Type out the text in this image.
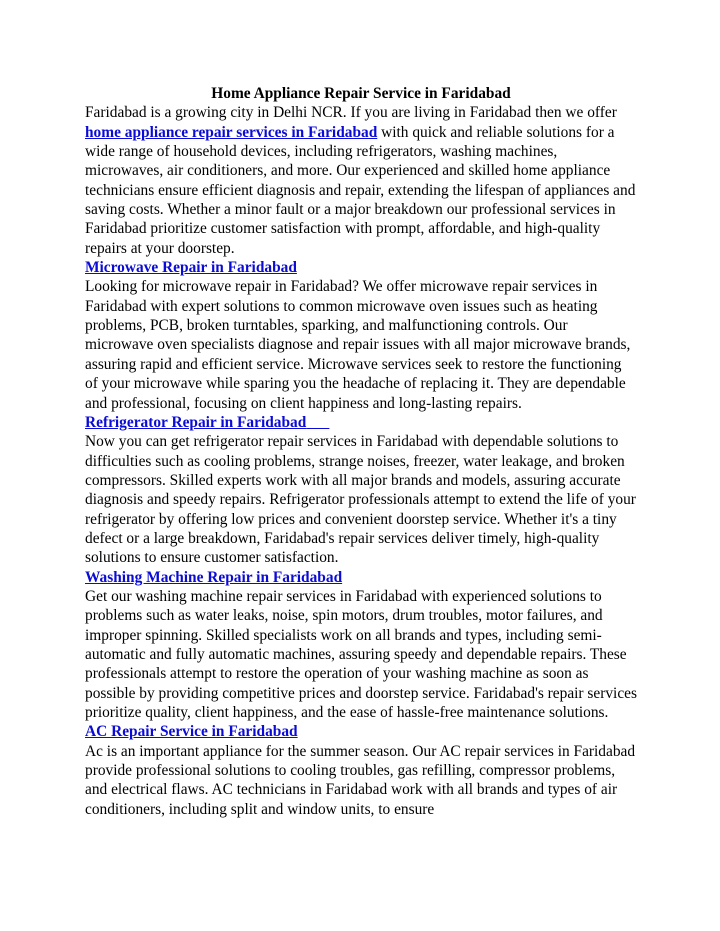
Home Appliance Repair Service in Faridabad

Faridabad is a growing city in Delhi NCR. If you are living in Faridabad then we offer home appliance repair services in Faridabad with quick and reliable solutions for a wide range of household devices, including refrigerators, washing machines, microwaves, air conditioners, and more. Our experienced and skilled home appliance technicians ensure efficient diagnosis and repair, extending the lifespan of appliances and saving costs. Whether a minor fault or a major breakdown our professional services in Faridabad prioritize customer satisfaction with prompt, affordable, and high-quality repairs at your doorstep.

Microwave Repair in Faridabad

Looking for microwave repair in Faridabad? We offer microwave repair services in Faridabad with expert solutions to common microwave oven issues such as heating problems, PCB, broken turntables, sparking, and malfunctioning controls. Our microwave oven specialists diagnose and repair issues with all major microwave brands, assuring rapid and efficient service. Microwave services seek to restore the functioning of your microwave while sparing you the headache of replacing it. They are dependable and professional, focusing on client happiness and long-lasting repairs.

Refrigerator Repair in Faridabad

Now you can get refrigerator repair services in Faridabad with dependable solutions to difficulties such as cooling problems, strange noises, freezer, water leakage, and broken compressors. Skilled experts work with all major brands and models, assuring accurate diagnosis and speedy repairs. Refrigerator professionals attempt to extend the life of your refrigerator by offering low prices and convenient doorstep service. Whether it's a tiny defect or a large breakdown, Faridabad's repair services deliver timely, high-quality solutions to ensure customer satisfaction.

Washing Machine Repair in Faridabad

Get our washing machine repair services in Faridabad with experienced solutions to problems such as water leaks, noise, spin motors, drum troubles, motor failures, and improper spinning. Skilled specialists work on all brands and types, including semi-automatic and fully automatic machines, assuring speedy and dependable repairs. These professionals attempt to restore the operation of your washing machine as soon as possible by providing competitive prices and doorstep service. Faridabad's repair services prioritize quality, client happiness, and the ease of hassle-free maintenance solutions.

AC Repair Service in Faridabad

Ac is an important appliance for the summer season. Our AC repair services in Faridabad provide professional solutions to cooling troubles, gas refilling, compressor problems, and electrical flaws. AC technicians in Faridabad work with all brands and types of air conditioners, including split and window units, to ensure
